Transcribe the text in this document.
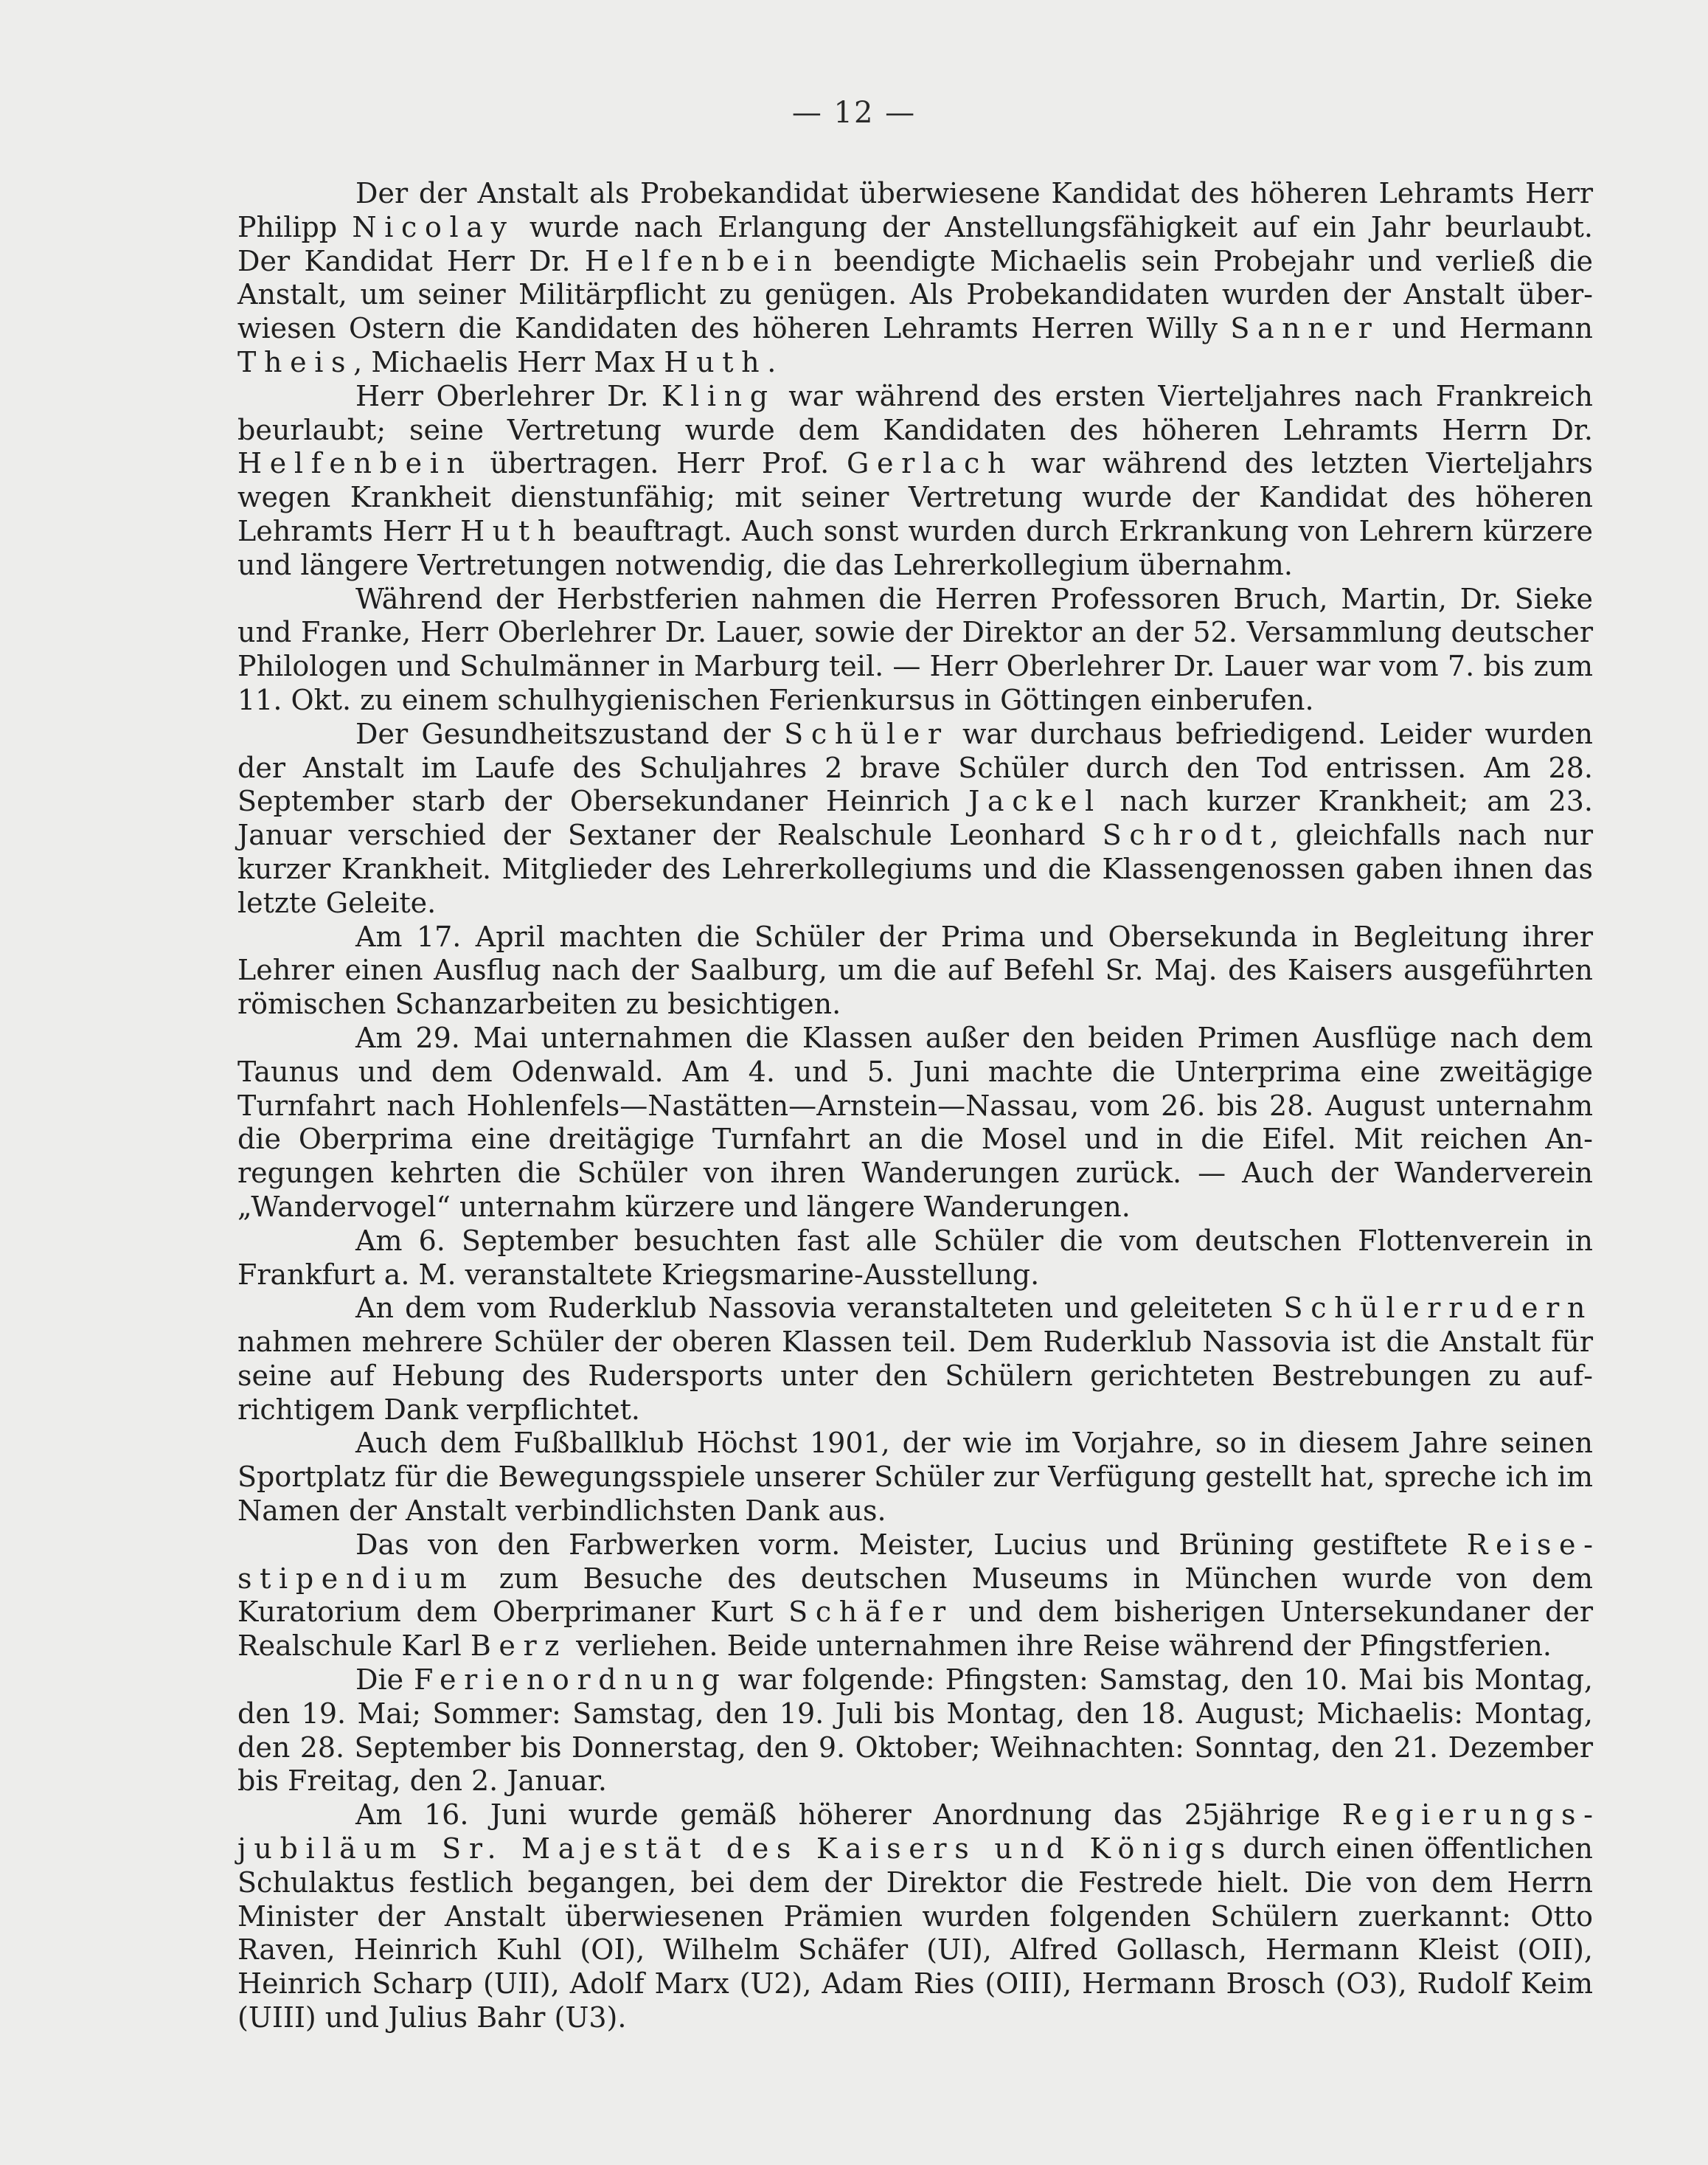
— 12 —

Der der Anstalt als Probekandidat überwiesene Kandidat des höheren Lehramts Herr Philipp Nicolay wurde nach Erlangung der Anstellungsfähigkeit auf ein Jahr beurlaubt. Der Kandidat Herr Dr. Helfenbein beendigte Michaelis sein Probejahr und verließ die Anstalt, um seiner Militärpflicht zu genügen. Als Probekandidaten wurden der Anstalt überwiesen Ostern die Kandidaten des höheren Lehramts Herren Willy Sanner und Hermann Theis, Michaelis Herr Max Huth.

Herr Oberlehrer Dr. Kling war während des ersten Vierteljahres nach Frankreich beurlaubt; seine Vertretung wurde dem Kandidaten des höheren Lehramts Herrn Dr. Helfenbein übertragen. Herr Prof. Gerlach war während des letzten Vierteljahrs wegen Krankheit dienstunfähig; mit seiner Vertretung wurde der Kandidat des höheren Lehramts Herr Huth beauftragt. Auch sonst wurden durch Erkrankung von Lehrern kürzere und längere Vertretungen notwendig, die das Lehrerkollegium übernahm.

Während der Herbstferien nahmen die Herren Professoren Bruch, Martin, Dr. Sieke und Franke, Herr Oberlehrer Dr. Lauer, sowie der Direktor an der 52. Versammlung deutscher Philologen und Schulmänner in Marburg teil. — Herr Oberlehrer Dr. Lauer war vom 7. bis zum 11. Okt. zu einem schulhygienischen Ferienkursus in Göttingen einberufen.

Der Gesundheitszustand der Schüler war durchaus befriedigend. Leider wurden der Anstalt im Laufe des Schuljahres 2 brave Schüler durch den Tod entrissen. Am 28. September starb der Obersekundaner Heinrich Jackel nach kurzer Krankheit; am 23. Januar verschied der Sextaner der Realschule Leonhard Schrodt, gleichfalls nach nur kurzer Krankheit. Mitglieder des Lehrerkollegiums und die Klassengenossen gaben ihnen das letzte Geleite.

Am 17. April machten die Schüler der Prima und Obersekunda in Begleitung ihrer Lehrer einen Ausflug nach der Saalburg, um die auf Befehl Sr. Maj. des Kaisers ausgeführten römischen Schanzarbeiten zu besichtigen.

Am 29. Mai unternahmen die Klassen außer den beiden Primen Ausflüge nach dem Taunus und dem Odenwald. Am 4. und 5. Juni machte die Unterprima eine zweitägige Turnfahrt nach Hohlenfels—Nastätten—Arnstein—Nassau, vom 26. bis 28. August unternahm die Oberprima eine dreitägige Turnfahrt an die Mosel und in die Eifel. Mit reichen Anregungen kehrten die Schüler von ihren Wanderungen zurück. — Auch der Wanderverein „Wandervogel“ unternahm kürzere und längere Wanderungen.

Am 6. September besuchten fast alle Schüler die vom deutschen Flottenverein in Frankfurt a. M. veranstaltete Kriegsmarine-Ausstellung.

An dem vom Ruderklub Nassovia veranstalteten und geleiteten Schülerrudern nahmen mehrere Schüler der oberen Klassen teil. Dem Ruderklub Nassovia ist die Anstalt für seine auf Hebung des Rudersports unter den Schülern gerichteten Bestrebungen zu aufrichtigem Dank verpflichtet.

Auch dem Fußballklub Höchst 1901, der wie im Vorjahre, so in diesem Jahre seinen Sportplatz für die Bewegungsspiele unserer Schüler zur Verfügung gestellt hat, spreche ich im Namen der Anstalt verbindlichsten Dank aus.

Das von den Farbwerken vorm. Meister, Lucius und Brüning gestiftete Reisestipendium zum Besuche des deutschen Museums in München wurde von dem Kuratorium dem Oberprimaner Kurt Schäfer und dem bisherigen Untersekundaner der Realschule Karl Berz verliehen. Beide unternahmen ihre Reise während der Pfingstferien.

Die Ferienordnung war folgende: Pfingsten: Samstag, den 10. Mai bis Montag, den 19. Mai; Sommer: Samstag, den 19. Juli bis Montag, den 18. August; Michaelis: Montag, den 28. September bis Donnerstag, den 9. Oktober; Weihnachten: Sonntag, den 21. Dezember bis Freitag, den 2. Januar.

Am 16. Juni wurde gemäß höherer Anordnung das 25jährige Regierungsjubiläum Sr. Majestät des Kaisers und Königs durch einen öffentlichen Schulaktus festlich begangen, bei dem der Direktor die Festrede hielt. Die von dem Herrn Minister der Anstalt überwiesenen Prämien wurden folgenden Schülern zuerkannt: Otto Raven, Heinrich Kuhl (OI), Wilhelm Schäfer (UI), Alfred Gollasch, Hermann Kleist (OII), Heinrich Scharp (UII), Adolf Marx (U2), Adam Ries (OIII), Hermann Brosch (O3), Rudolf Keim (UIII) und Julius Bahr (U3).
